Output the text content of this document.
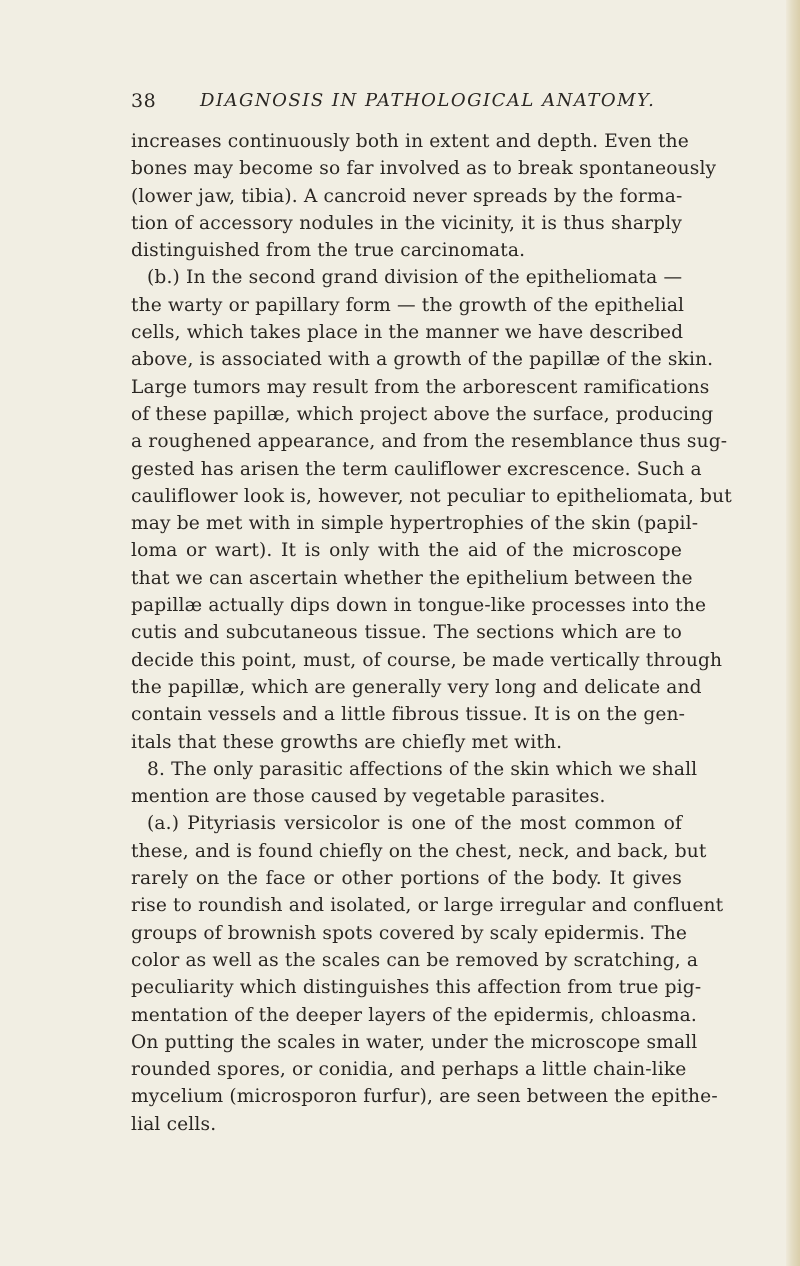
38 DIAGNOSIS IN PATHOLOGICAL ANATOMY.
increases continuously both in extent and depth. Even the
bones may become so far involved as to break spontaneously
(lower jaw, tibia). A cancroid never spreads by the forma-
tion of accessory nodules in the vicinity, it is thus sharply
distinguished from the true carcinomata.
(b.) In the second grand division of the epitheliomata —
the warty or papillary form — the growth of the epithelial
cells, which takes place in the manner we have described
above, is associated with a growth of the papillæ of the skin.
Large tumors may result from the arborescent ramifications
of these papillæ, which project above the surface, producing
a roughened appearance, and from the resemblance thus sug-
gested has arisen the term cauliflower excrescence. Such a
cauliflower look is, however, not peculiar to epitheliomata, but
may be met with in simple hypertrophies of the skin (papil-
loma or wart). It is only with the aid of the microscope
that we can ascertain whether the epithelium between the
papillæ actually dips down in tongue-like processes into the
cutis and subcutaneous tissue. The sections which are to
decide this point, must, of course, be made vertically through
the papillæ, which are generally very long and delicate and
contain vessels and a little fibrous tissue. It is on the gen-
itals that these growths are chiefly met with.
8. The only parasitic affections of the skin which we shall
mention are those caused by vegetable parasites.
(a.) Pityriasis versicolor is one of the most common of
these, and is found chiefly on the chest, neck, and back, but
rarely on the face or other portions of the body. It gives
rise to roundish and isolated, or large irregular and confluent
groups of brownish spots covered by scaly epidermis. The
color as well as the scales can be removed by scratching, a
peculiarity which distinguishes this affection from true pig-
mentation of the deeper layers of the epidermis, chloasma.
On putting the scales in water, under the microscope small
rounded spores, or conidia, and perhaps a little chain-like
mycelium (microsporon furfur), are seen between the epithe-
lial cells.
